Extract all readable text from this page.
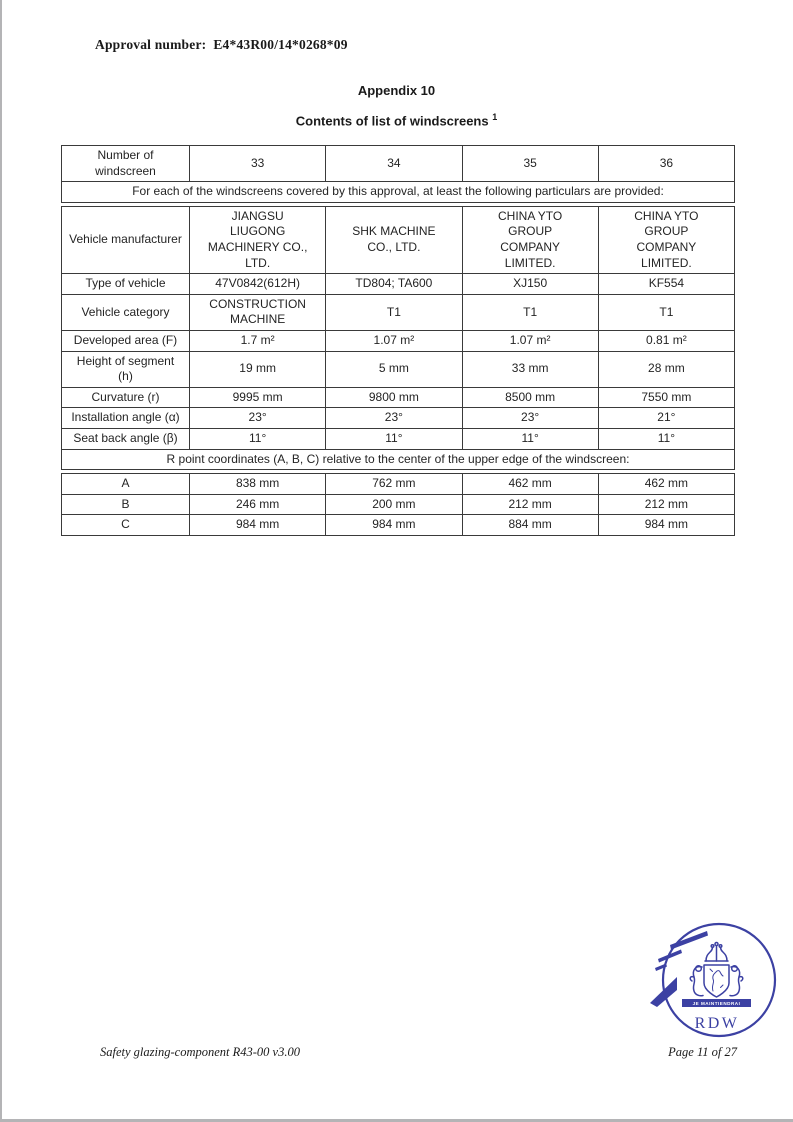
Approval number: E4*43R00/14*0268*09
Appendix 10
Contents of list of windscreens $^1$
Number of windscreen	33	34	35	36
For each of the windscreens covered by this approval, at least the following particulars are provided:
Vehicle manufacturer	JIANGSU LIUGONG MACHINERY CO., LTD.	SHK MACHINE CO., LTD.	CHINA YTO GROUP COMPANY LIMITED.	CHINA YTO GROUP COMPANY LIMITED.
Type of vehicle	47V0842(612H)	TD804; TA600	XJ150	KF554
Vehicle category	CONSTRUCTION MACHINE	T1	T1	T1
Developed area (F)	1.7 m²	1.07 m²	1.07 m²	0.81 m²
Height of segment (h)	19 mm	5 mm	33 mm	28 mm
Curvature (r)	9995 mm	9800 mm	8500 mm	7550 mm
Installation angle (α)	23°	23°	23°	21°
Seat back angle (β)	11°	11°	11°	11°
R point coordinates (A, B, C) relative to the center of the upper edge of the windscreen:				
A	838 mm	762 mm	462 mm	462 mm
B	246 mm	200 mm	212 mm	212 mm
C	984 mm	984 mm	884 mm	984 mm
JE MAINTIENDRAI
RDW
Safety glazing-component R43-00 v3.00	Page 11 of 27
